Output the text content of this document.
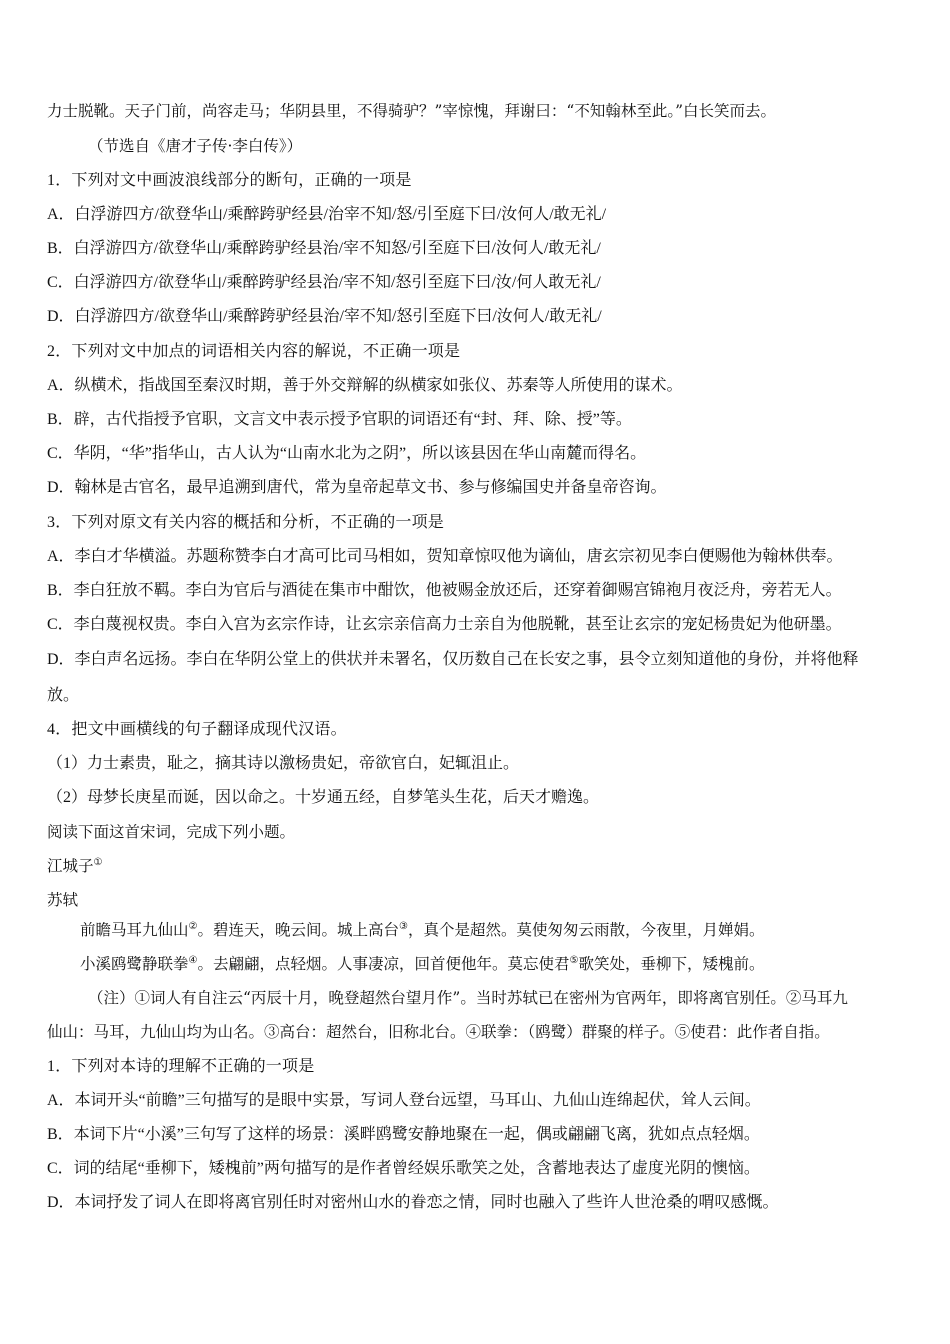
力士脱靴。天子门前，尚容走马；华阴县里，不得骑驴？”宰惊愧，拜谢曰：“不知翰林至此。”白长笑而去。
（节选自《唐才子传·李白传》）
1．下列对文中画波浪线部分的断句，正确的一项是
A．白浮游四方/欲登华山/乘醉跨驴经县/治宰不知/怒/引至庭下曰/汝何人/敢无礼/
B．白浮游四方/欲登华山/乘醉跨驴经县治/宰不知怒/引至庭下曰/汝何人/敢无礼/
C．白浮游四方/欲登华山/乘醉跨驴经县治/宰不知/怒引至庭下曰/汝/何人敢无礼/
D．白浮游四方/欲登华山/乘醉跨驴经县治/宰不知/怒引至庭下曰/汝何人/敢无礼/
2．下列对文中加点的词语相关内容的解说，不正确一项是
A．纵横术，指战国至秦汉时期，善于外交辩解的纵横家如张仪、苏秦等人所使用的谋术。
B．辟，古代指授予官职，文言文中表示授予官职的词语还有“封、拜、除、授”等。
C．华阴，“华”指华山，古人认为“山南水北为之阴”，所以该县因在华山南麓而得名。
D．翰林是古官名，最早追溯到唐代，常为皇帝起草文书、参与修编国史并备皇帝咨询。
3．下列对原文有关内容的概括和分析，不正确的一项是
A．李白才华横溢。苏题称赞李白才高可比司马相如，贺知章惊叹他为谪仙，唐玄宗初见李白便赐他为翰林供奉。
B．李白狂放不羁。李白为官后与酒徒在集市中酣饮，他被赐金放还后，还穿着御赐宫锦袍月夜泛舟，旁若无人。
C．李白蔑视权贵。李白入宫为玄宗作诗，让玄宗亲信高力士亲自为他脱靴，甚至让玄宗的宠妃杨贵妃为他研墨。
D．李白声名远扬。李白在华阴公堂上的供状并未署名，仅历数自己在长安之事，县令立刻知道他的身份，并将他释
放。
4．把文中画横线的句子翻译成现代汉语。
（1）力士素贵，耻之，摘其诗以激杨贵妃，帝欲官白，妃辄沮止。
（2）母梦长庚星而诞，因以命之。十岁通五经，自梦笔头生花，后天才赡逸。
阅读下面这首宋词，完成下列小题。
江城子①
苏轼
前瞻马耳九仙山②。碧连天，晚云间。城上高台③，真个是超然。莫使匆匆云雨散，今夜里，月婵娟。
小溪鸥鹭静联拳④。去翩翩，点轻烟。人事凄凉，回首便他年。莫忘使君⑤歌笑处，垂柳下，矮槐前。
（注）①词人有自注云“丙辰十月，晚登超然台望月作”。当时苏轼已在密州为官两年，即将离官别任。②马耳九
仙山：马耳，九仙山均为山名。③高台：超然台，旧称北台。④联拳：（鸥鹭）群聚的样子。⑤使君：此作者自指。
1．下列对本诗的理解不正确的一项是
A．本词开头“前瞻”三句描写的是眼中实景，写词人登台远望，马耳山、九仙山连绵起伏，耸人云间。
B．本词下片“小溪”三句写了这样的场景：溪畔鸥鹭安静地聚在一起，偶或翩翩飞离，犹如点点轻烟。
C．词的结尾“垂柳下，矮槐前”两句描写的是作者曾经娱乐歌笑之处，含蓄地表达了虚度光阴的懊恼。
D．本词抒发了词人在即将离官别任时对密州山水的眷恋之情，同时也融入了些许人世沧桑的喟叹感慨。
